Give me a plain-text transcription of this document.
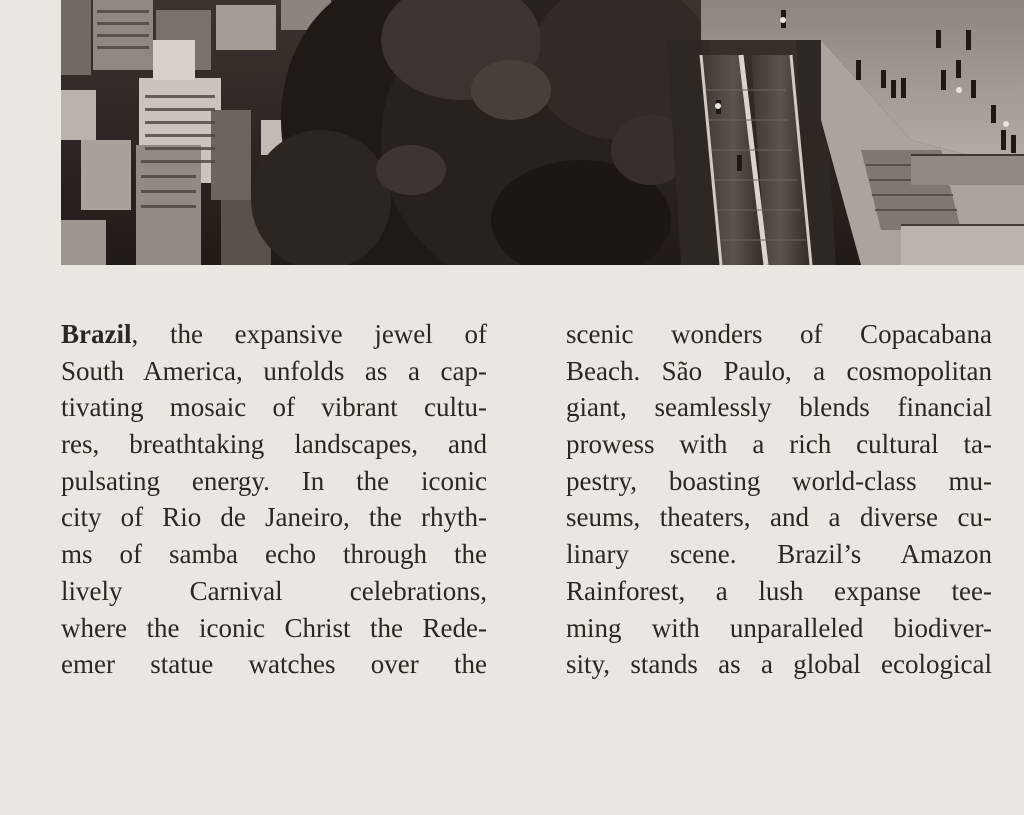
Brazil, the expansive jewel of
South America, unfolds as a cap-
tivating mosaic of vibrant cultu-
res, breathtaking landscapes, and
pulsating energy. In the iconic
city of Rio de Janeiro, the rhyth-
ms of samba echo through the
lively Carnival celebrations,
where the iconic Christ the Rede-
emer statue watches over the
scenic wonders of Copacabana
Beach. São Paulo, a cosmopolitan
giant, seamlessly blends financial
prowess with a rich cultural ta-
pestry, boasting world-class mu-
seums, theaters, and a diverse cu-
linary scene. Brazil’s Amazon
Rainforest, a lush expanse tee-
ming with unparalleled biodiver-
sity, stands as a global ecological
